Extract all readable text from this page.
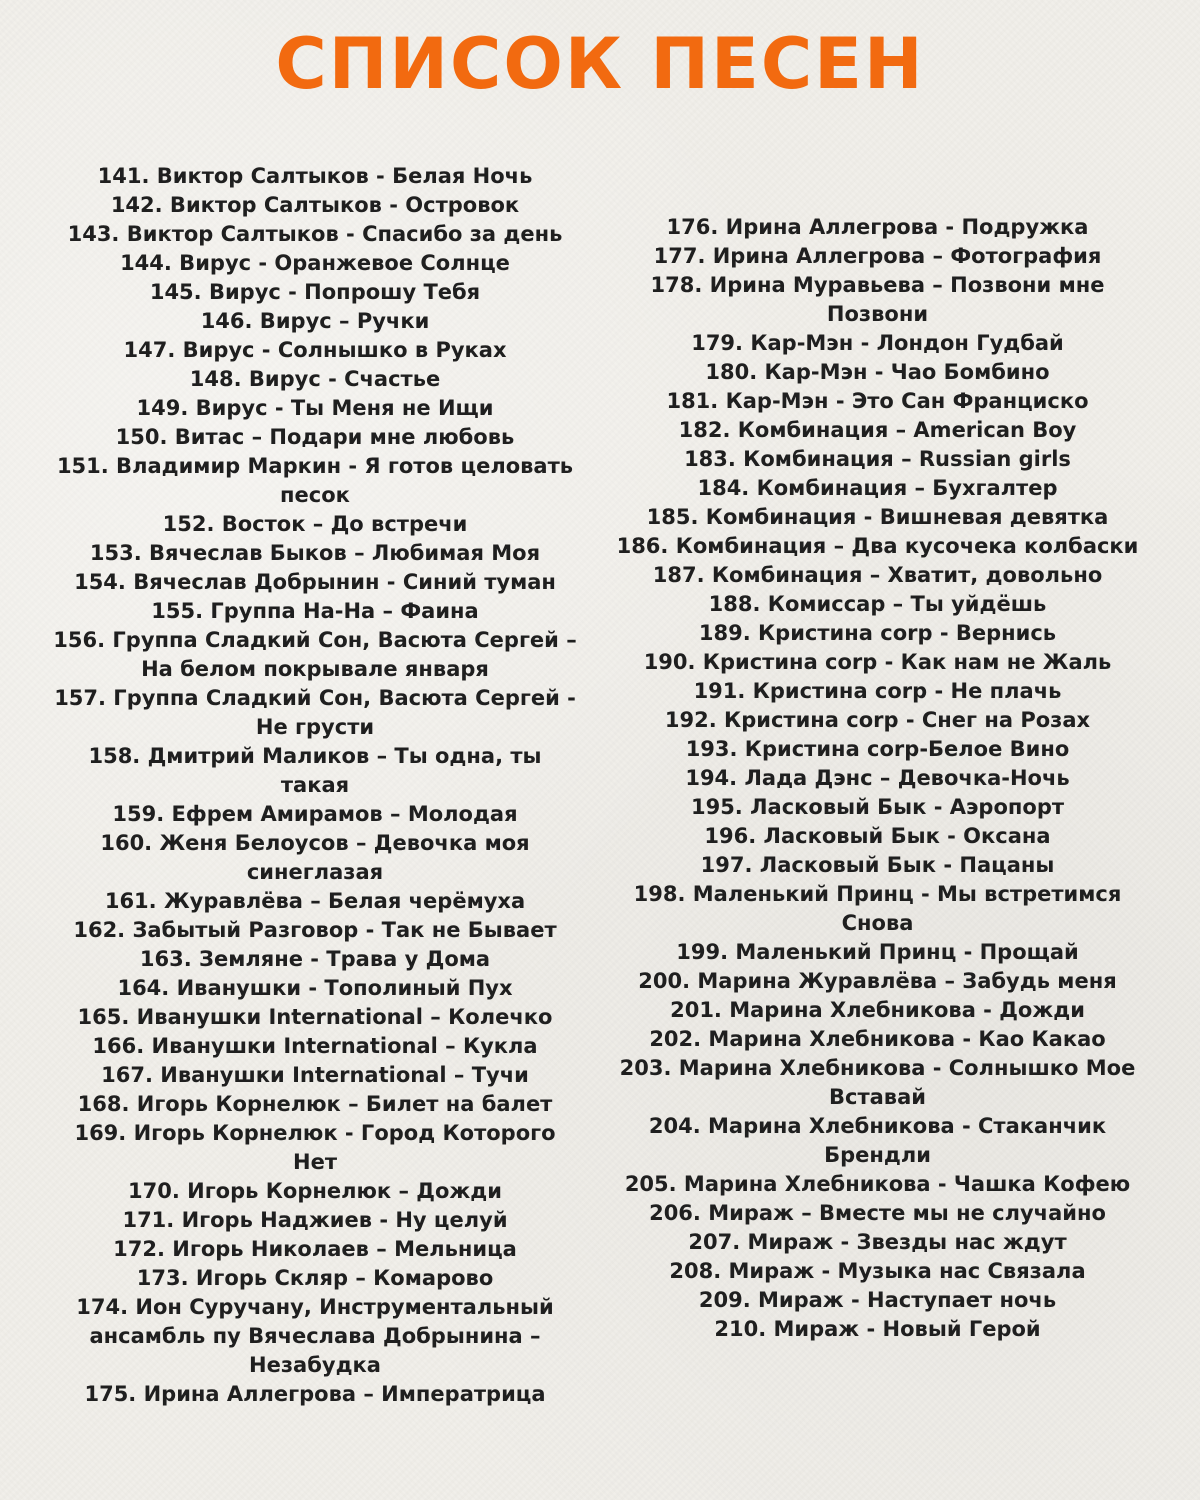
СПИСОК ПЕСЕН
141. Виктор Салтыков - Белая Ночь
142. Виктор Салтыков - Островок
143. Виктор Салтыков - Спасибо за день
144. Вирус - Оранжевое Солнце
145. Вирус - Попрошу Тебя
146. Вирус – Ручки
147. Вирус - Солнышко в Руках
148. Вирус - Счастье
149. Вирус - Ты Меня не Ищи
150. Витас – Подари мне любовь
151. Владимир Маркин - Я готов целовать
песок
152. Восток – До встречи
153. Вячеслав Быков – Любимая Моя
154. Вячеслав Добрынин - Синий туман
155. Группа На-На – Фаина
156. Группа Сладкий Сон, Васюта Сергей –
На белом покрывале января
157. Группа Сладкий Сон, Васюта Сергей -
Не грусти
158. Дмитрий Маликов – Ты одна, ты
такая
159. Ефрем Амирамов – Молодая
160. Женя Белоусов – Девочка моя
синеглазая
161. Журавлёва – Белая черёмуха
162. Забытый Разговор - Так не Бывает
163. Земляне - Трава у Дома
164. Иванушки - Тополиный Пух
165. Иванушки International – Колечко
166. Иванушки International – Кукла
167. Иванушки International – Тучи
168. Игорь Корнелюк – Билет на балет
169. Игорь Корнелюк - Город Которого
Нет
170. Игорь Корнелюк – Дожди
171. Игорь Наджиев - Ну целуй
172. Игорь Николаев – Мельница
173. Игорь Скляр – Комарово
174. Ион Суручану, Инструментальный
ансамбль пу Вячеслава Добрынина –
Незабудка
175. Ирина Аллегрова – Императрица
176. Ирина Аллегрова - Подружка
177. Ирина Аллегрова – Фотография
178. Ирина Муравьева – Позвони мне
Позвони
179. Кар-Мэн - Лондон Гудбай
180. Кар-Мэн - Чао Бомбино
181. Кар-Мэн - Это Сан Франциско
182. Комбинация – American Boy
183. Комбинация – Russian girls
184. Комбинация – Бухгалтер
185. Комбинация - Вишневая девятка
186. Комбинация – Два кусочека колбаски
187. Комбинация – Хватит, довольно
188. Комиссар – Ты уйдёшь
189. Кристина corp - Вернись
190. Кристина corp - Как нам не Жаль
191. Кристина corp - Не плачь
192. Кристина corp - Снег на Розах
193. Кристина corp-Белое Вино
194. Лада Дэнс – Девочка-Ночь
195. Ласковый Бык - Аэропорт
196. Ласковый Бык - Оксана
197. Ласковый Бык - Пацаны
198. Маленький Принц - Мы встретимся
Снова
199. Маленький Принц - Прощай
200. Марина Журавлёва – Забудь меня
201. Марина Хлебникова - Дожди
202. Марина Хлебникова - Као Какао
203. Марина Хлебникова - Солнышко Мое
Вставай
204. Марина Хлебникова - Стаканчик
Брендли
205. Марина Хлебникова - Чашка Кофею
206. Мираж – Вместе мы не случайно
207. Мираж - Звезды нас ждут
208. Мираж - Музыка нас Связала
209. Мираж - Наступает ночь
210. Мираж - Новый Герой
